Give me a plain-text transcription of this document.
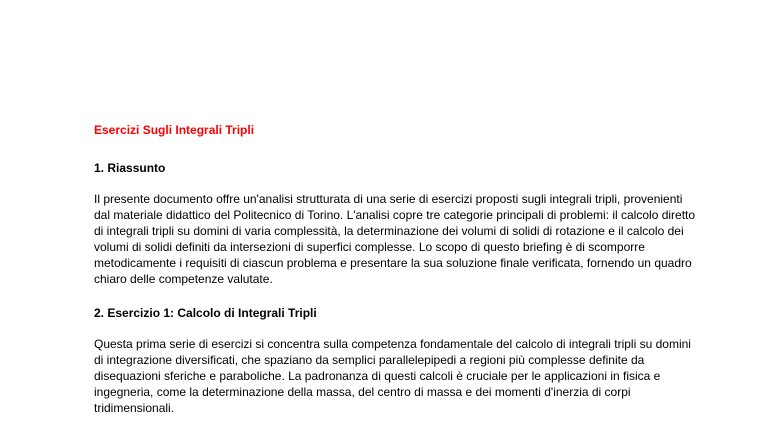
Esercizi Sugli Integrali Tripli
1. Riassunto

Il presente documento offre un'analisi strutturata di una serie di esercizi proposti sugli integrali tripli, provenienti dal materiale didattico del Politecnico di Torino. L'analisi copre tre categorie principali di problemi: il calcolo diretto di integrali tripli su domini di varia complessità, la determinazione dei volumi di solidi di rotazione e il calcolo dei volumi di solidi definiti da intersezioni di superfici complesse. Lo scopo di questo briefing è di scomporre metodicamente i requisiti di ciascun problema e presentare la sua soluzione finale verificata, fornendo un quadro chiaro delle competenze valutate.

2. Esercizio 1: Calcolo di Integrali Tripli

Questa prima serie di esercizi si concentra sulla competenza fondamentale del calcolo di integrali tripli su domini di integrazione diversificati, che spaziano da semplici parallelepipedi a regioni più complesse definite da disequazioni sferiche e paraboliche. La padronanza di questi calcoli è cruciale per le applicazioni in fisica e ingegneria, come la determinazione della massa, del centro di massa e dei momenti d'inerzia di corpi tridimensionali.
